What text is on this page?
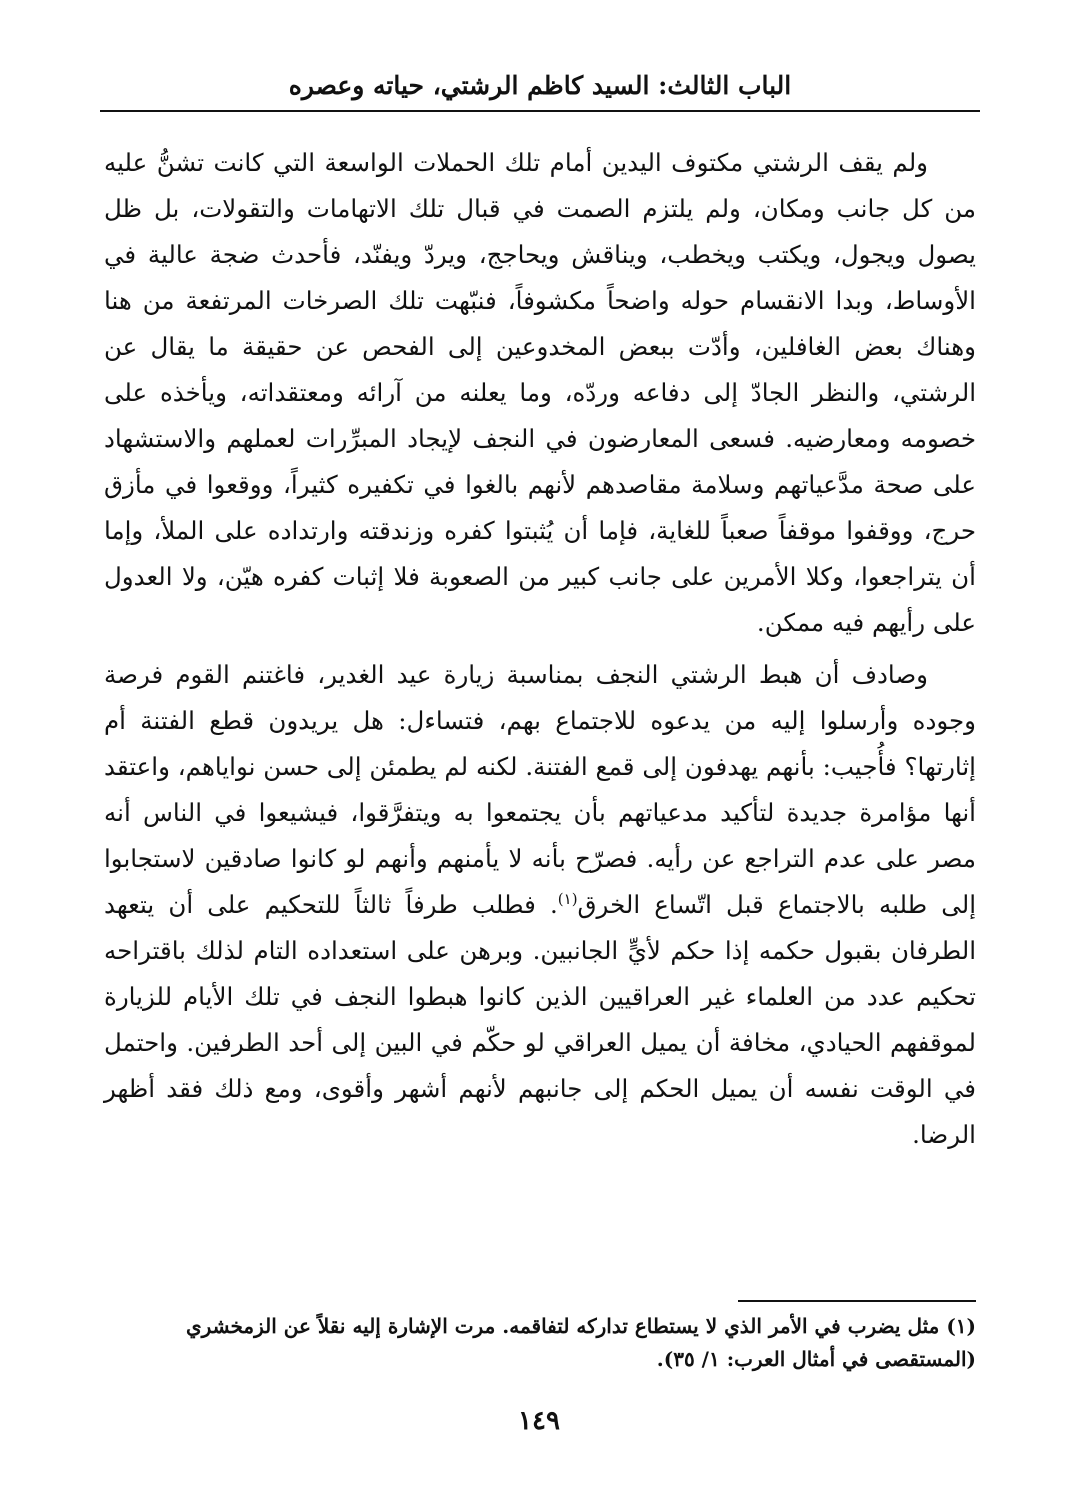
الباب الثالث: السيد كاظم الرشتي، حياته وعصره

ولم يقف الرشتي مكتوف اليدين أمام تلك الحملات الواسعة التي كانت تشنُّ عليه من كل جانب ومكان، ولم يلتزم الصمت في قبال تلك الاتهامات والتقولات، بل ظل يصول ويجول، ويكتب ويخطب، ويناقش ويحاجج، ويردّ ويفنّد، فأحدث ضجة عالية في الأوساط، وبدا الانقسام حوله واضحاً مكشوفاً، فنبّهت تلك الصرخات المرتفعة من هنا وهناك بعض الغافلين، وأدّت ببعض المخدوعين إلى الفحص عن حقيقة ما يقال عن الرشتي، والنظر الجادّ إلى دفاعه وردّه، وما يعلنه من آرائه ومعتقداته، ويأخذه على خصومه ومعارضيه. فسعى المعارضون في النجف لإيجاد المبرِّرات لعملهم والاستشهاد على صحة مدَّعياتهم وسلامة مقاصدهم لأنهم بالغوا في تكفيره كثيراً، ووقعوا في مأزق حرج، ووقفوا موقفاً صعباً للغاية، فإما أن يُثبتوا كفره وزندقته وارتداده على الملأ، وإما أن يتراجعوا، وكلا الأمرين على جانب كبير من الصعوبة فلا إثبات كفره هيّن، ولا العدول على رأيهم فيه ممكن.

وصادف أن هبط الرشتي النجف بمناسبة زيارة عيد الغدير، فاغتنم القوم فرصة وجوده وأرسلوا إليه من يدعوه للاجتماع بهم، فتساءل: هل يريدون قطع الفتنة أم إثارتها؟ فأُجيب: بأنهم يهدفون إلى قمع الفتنة. لكنه لم يطمئن إلى حسن نواياهم، واعتقد أنها مؤامرة جديدة لتأكيد مدعياتهم بأن يجتمعوا به ويتفرَّقوا، فيشيعوا في الناس أنه مصر على عدم التراجع عن رأيه. فصرّح بأنه لا يأمنهم وأنهم لو كانوا صادقين لاستجابوا إلى طلبه بالاجتماع قبل اتّساع الخرق$^{(١)}$. فطلب طرفاً ثالثاً للتحكيم على أن يتعهد الطرفان بقبول حكمه إذا حكم لأيٍّ الجانبين. وبرهن على استعداده التام لذلك باقتراحه تحكيم عدد من العلماء غير العراقيين الذين كانوا هبطوا النجف في تلك الأيام للزيارة لموقفهم الحيادي، مخافة أن يميل العراقي لو حكّم في البين إلى أحد الطرفين. واحتمل في الوقت نفسه أن يميل الحكم إلى جانبهم لأنهم أشهر وأقوى، ومع ذلك فقد أظهر الرضا.

(١) مثل يضرب في الأمر الذي لا يستطاع تداركه لتفاقمه. مرت الإشارة إليه نقلاً عن الزمخشري (المستقصى في أمثال العرب: ١/ ٣٥).

١٤٩
